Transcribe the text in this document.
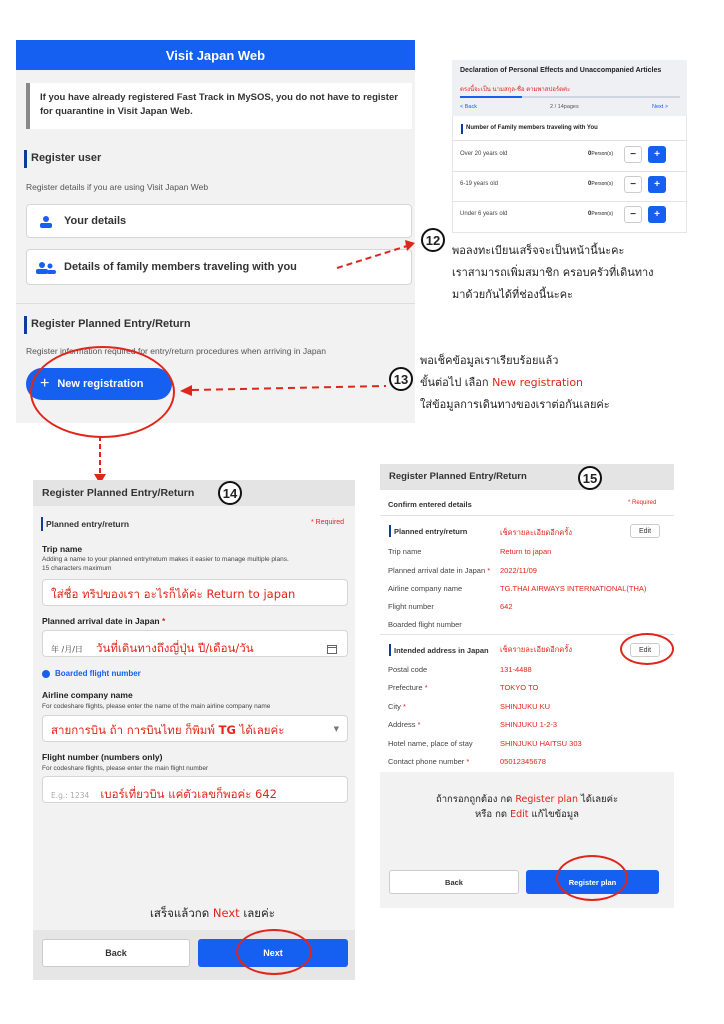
Visit Japan Web
If you have already registered Fast Track in MySOS, you do not have to register for quarantine in Visit Japan Web.
Register user
Register details if you are using Visit Japan Web
Your details
Details of family members traveling with you
Register Planned Entry/Return
Register information required for entry/return procedures when arriving in Japan
+ New registration
Declaration of Personal Effects and Unaccompanied Articles
ตรงนี้จะเป็น นามสกุล-ชื่อ ตามพาสปอร์ตค่ะ
< Back	2 / 14pages	Next >
Number of Family members traveling with You
Over 20 years old	0Person(s)	−	+
6-19 years old	0Person(s)	−	+
Under 6 years old	0Person(s)	−	+
12
พอลงทะเบียนเสร็จจะเป็นหน้านี้นะคะ
เราสามารถเพิ่มสมาชิก ครอบครัวที่เดินทาง
มาด้วยกันได้ที่ช่องนี้นะคะ
13
พอเช็คข้อมูลเราเรียบร้อยแล้ว
ขั้นต่อไป เลือก New registration
ใส่ข้อมูลการเดินทางของเราต่อกันเลยค่ะ
Register Planned Entry/Return	14
Planned entry/return	* Required
Trip name
Adding a name to your planned entry/return makes it easier to manage multiple plans.
15 characters maximum
ใส่ชื่อ ทริปของเรา อะไรก็ได้ค่ะ Return to japan
Planned arrival date in Japan *
年 /月/日 วันที่เดินทางถึงญี่ปุ่น ปี/เดือน/วัน
Boarded flight number
Airline company name
For codeshare flights, please enter the name of the main airline company name
สายการบิน ถ้า การบินไทย ก็พิมพ์ TG ได้เลยค่ะ	▼
Flight number (numbers only)
For codeshare flights, please enter the main flight number
E.g.: 1234 เบอร์เที่ยวบิน แค่ตัวเลขก็พอค่ะ 642
เสร็จแล้วกด Next เลยค่ะ
Back	Next
Register Planned Entry/Return	15
Confirm entered details	* Required
Planned entry/return	เช็ครายละเอียดอีกครั้ง	Edit
Trip name	Return to japan
Planned arrival date in Japan * 2022/11/09
Airline company name	TG.THAI AIRWAYS INTERNATIONAL(THA)
Flight number	642
Boarded flight number
Intended address in Japan เช็ครายละเอียดอีกครั้ง	Edit
Postal code	131-4488
Prefecture *	TOKYO TO
City *	SHINJUKU KU
Address *	SHINJUKU 1-2-3
Hotel name, place of stay	SHINJUKU HAITSU 303
Contact phone number *	05012345678
ถ้ากรอกถูกต้อง กด Register plan ได้เลยค่ะ
หรือ กด Edit แก้ไขข้อมูล
Back	Register plan
